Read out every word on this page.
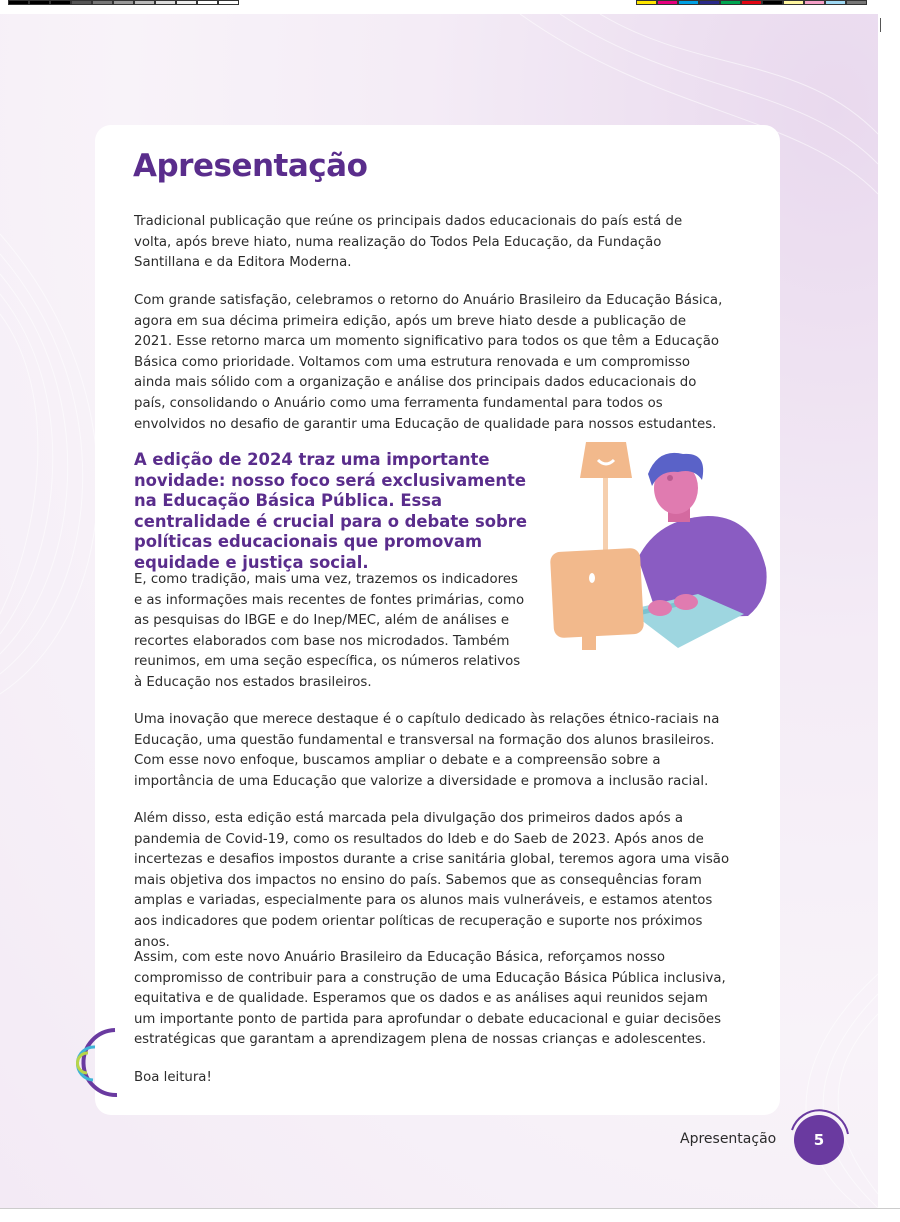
Apresentação

Tradicional publicação que reúne os principais dados educacionais do país está de volta, após breve hiato, numa realização do Todos Pela Educação, da Fundação Santillana e da Editora Moderna.

Com grande satisfação, celebramos o retorno do Anuário Brasileiro da Educação Básica, agora em sua décima primeira edição, após um breve hiato desde a publicação de 2021. Esse retorno marca um momento significativo para todos os que têm a Educação Básica como prioridade. Voltamos com uma estrutura renovada e um compromisso ainda mais sólido com a organização e análise dos principais dados educacionais do país, consolidando o Anuário como uma ferramenta fundamental para todos os envolvidos no desafio de garantir uma Educação de qualidade para nossos estudantes.

A edição de 2024 traz uma importante novidade: nosso foco será exclusivamente na Educação Básica Pública. Essa centralidade é crucial para o debate sobre políticas educacionais que promovam equidade e justiça social.

E, como tradição, mais uma vez, trazemos os indicadores e as informações mais recentes de fontes primárias, como as pesquisas do IBGE e do Inep/MEC, além de análises e recortes elaborados com base nos microdados. Também reunimos, em uma seção específica, os números relativos à Educação nos estados brasileiros.

Uma inovação que merece destaque é o capítulo dedicado às relações étnico-raciais na Educação, uma questão fundamental e transversal na formação dos alunos brasileiros. Com esse novo enfoque, buscamos ampliar o debate e a compreensão sobre a importância de uma Educação que valorize a diversidade e promova a inclusão racial.

Além disso, esta edição está marcada pela divulgação dos primeiros dados após a pandemia de Covid-19, como os resultados do Ideb e do Saeb de 2023. Após anos de incertezas e desafios impostos durante a crise sanitária global, teremos agora uma visão mais objetiva dos impactos no ensino do país. Sabemos que as consequências foram amplas e variadas, especialmente para os alunos mais vulneráveis, e estamos atentos aos indicadores que podem orientar políticas de recuperação e suporte nos próximos anos.

Assim, com este novo Anuário Brasileiro da Educação Básica, reforçamos nosso compromisso de contribuir para a construção de uma Educação Básica Pública inclusiva, equitativa e de qualidade. Esperamos que os dados e as análises aqui reunidos sejam um importante ponto de partida para aprofundar o debate educacional e guiar decisões estratégicas que garantam a aprendizagem plena de nossas crianças e adolescentes.

Boa leitura!

Apresentação	5
